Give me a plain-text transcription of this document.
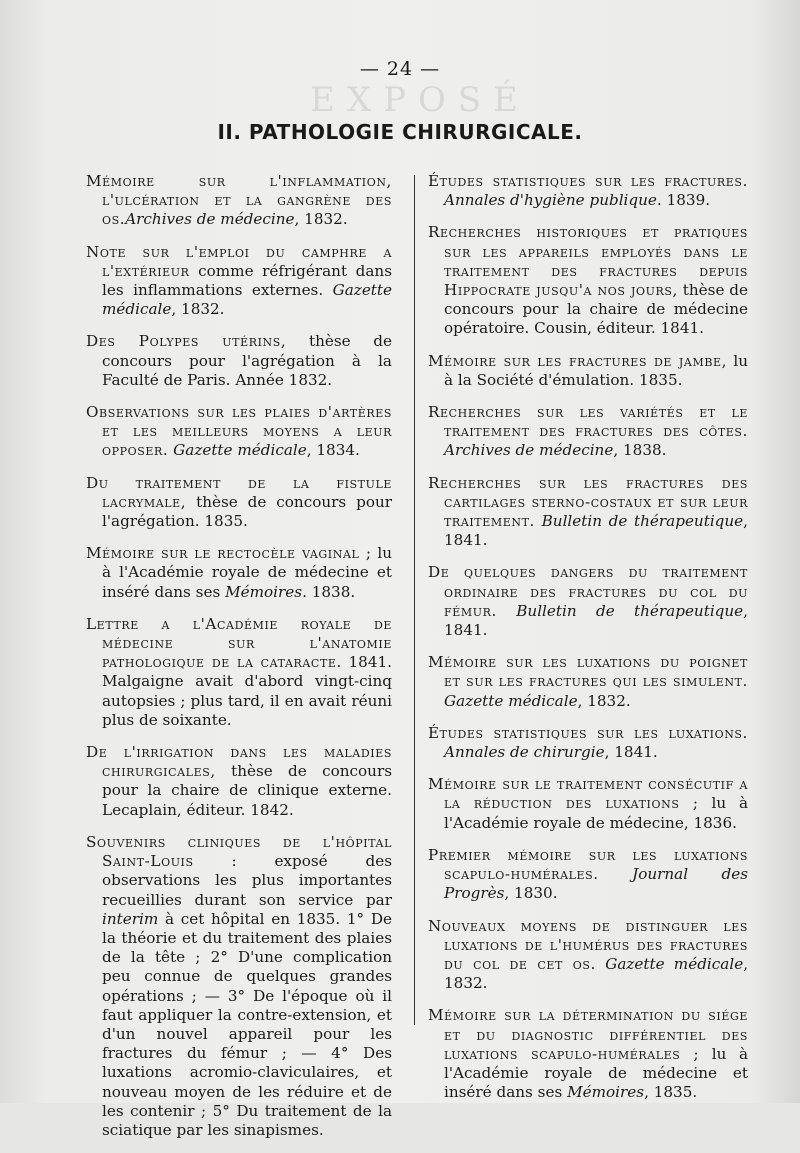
— 24 —
EXPOSÉ
II. PATHOLOGIE CHIRURGICALE.

Mémoire sur l'inflammation, l'ulcération et la gangrène des os.Archives de médecine, 1832.

Note sur l'emploi du camphre a l'extérieur comme réfrigérant dans les inflammations externes. Gazette médicale, 1832.

Des Polypes utérins, thèse de concours pour l'agrégation à la Faculté de Paris. Année 1832.

Observations sur les plaies d'artères et les meilleurs moyens a leur opposer. Gazette médicale, 1834.

Du traitement de la fistule lacrymale, thèse de concours pour l'agrégation. 1835.

Mémoire sur le rectocèle vaginal ; lu à l'Académie royale de médecine et inséré dans ses Mémoires. 1838.

Lettre a l'Académie royale de médecine sur l'anatomie pathologique de la cataracte. 1841. Malgaigne avait d'abord vingt-cinq autopsies ; plus tard, il en avait réuni plus de soixante.

De l'irrigation dans les maladies chirurgicales, thèse de concours pour la chaire de clinique externe. Lecaplain, éditeur. 1842.

Souvenirs cliniques de l'hôpital Saint-Louis : exposé des observations les plus importantes recueillies durant son service par interim à cet hôpital en 1835. 1° De la théorie et du traitement des plaies de la tête ; 2° D'une complication peu connue de quelques grandes opérations ; — 3° De l'époque où il faut appliquer la contre-extension, et d'un nouvel appareil pour les fractures du fémur ; — 4° Des luxations acromio-claviculaires, et nouveau moyen de les réduire et de les contenir ; 5° Du traitement de la sciatique par les sinapismes.

Études statistiques sur les fractures. Annales d'hygiène publique. 1839.

Recherches historiques et pratiques sur les appareils employés dans le traitement des fractures depuis Hippocrate jusqu'a nos jours, thèse de concours pour la chaire de médecine opératoire. Cousin, éditeur. 1841.

Mémoire sur les fractures de jambe, lu à la Société d'émulation. 1835.

Recherches sur les variétés et le traitement des fractures des côtes. Archives de médecine, 1838.

Recherches sur les fractures des cartilages sterno-costaux et sur leur traitement. Bulletin de thérapeutique, 1841.

De quelques dangers du traitement ordinaire des fractures du col du fémur. Bulletin de thérapeutique, 1841.

Mémoire sur les luxations du poignet et sur les fractures qui les simulent. Gazette médicale, 1832.

Études statistiques sur les luxations. Annales de chirurgie, 1841.

Mémoire sur le traitement consécutif a la réduction des luxations ; lu à l'Académie royale de médecine, 1836.

Premier mémoire sur les luxations scapulo-humérales. Journal des Progrès, 1830.

Nouveaux moyens de distinguer les luxations de l'humérus des fractures du col de cet os. Gazette médicale, 1832.

Mémoire sur la détermination du siége et du diagnostic différentiel des luxations scapulo-humérales ; lu à l'Académie royale de médecine et inséré dans ses Mémoires, 1835.
